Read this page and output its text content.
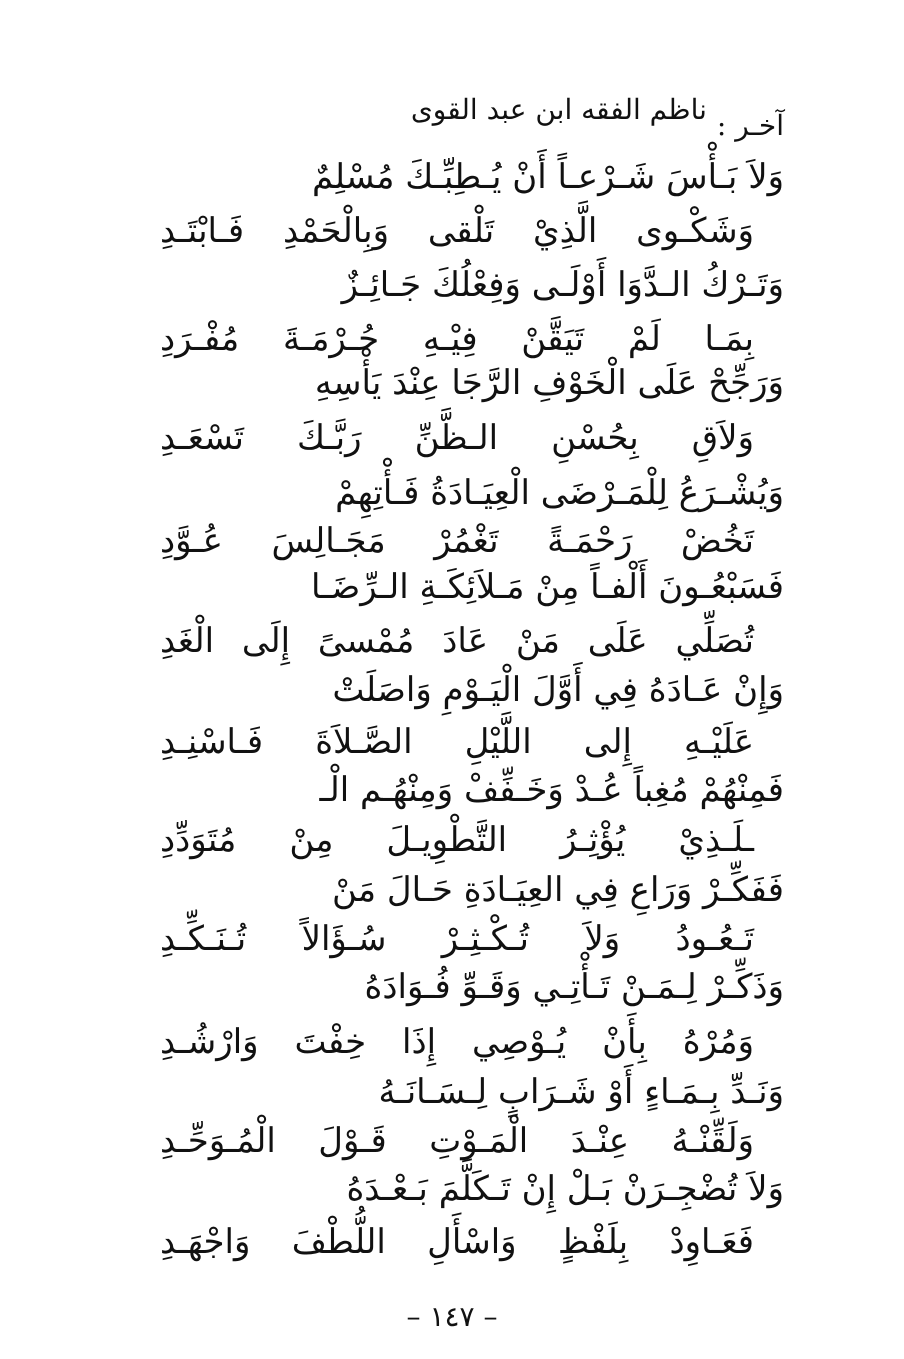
ناظم الفقه ابن عبد القوى آخـر :
وَلاَ بَـأْسَ شَـرْعـاً أَنْ يُـطِبِّـكَ مُسْلِمٌ
وَشَكْـوى الَّذِيْ تَلْقى وَبِالْحَمْدِ فَـابْتَـدِ
وَتَـرْكُ الـدَّوَا أَوْلَـى وَفِعْلُكَ جَـائِـزٌ
بِمَـا لَمْ تَيَقَّنْ فِيْـهِ حُـرْمَـةَ مُفْـرَدِ
وَرَجِّحْ عَلَى الْخَوْفِ الرَّجَا عِنْدَ يَأْسِهِ
وَلاَقِ بِحُسْنِ الـظَّنِّ رَبَّـكَ تَسْعَـدِ
وَيُشْـرَعُ لِلْمَـرْضَى الْعِيَـادَةُ فَـأْتِهِمْ
تَخُضْ رَحْمَـةً تَغْمُرْ مَجَـالِسَ عُـوَّدِ
فَسَبْعُـونَ أَلْفـاً مِنْ مَـلاَئِكَـةِ الـرِّضَـا
تُصَلِّي عَلَى مَنْ عَادَ مُمْسىً إِلَى الْغَدِ
وَإِنْ عَـادَهُ فِي أَوَّلَ الْيَـوْمِ وَاصَلَتْ
عَلَيْـهِ إِلى اللَّيْلِ الصَّـلاَةَ فَـاسْنِـدِ
فَمِنْهُمْ مُغِباً عُـدْ وَخَـفِّفْ وَمِنْهُـم الْـ
ـلَـذِيْ يُؤْثِـرُ التَّطْوِيـلَ مِنْ مُتَوَدِّدِ
فَفَكِّـرْ وَرَاعِ فِي العِيَـادَةِ حَـالَ مَنْ
تَـعُـودُ وَلاَ تُـكْـثِـرْ سُـؤَالاً تُـنَـكِّـدِ
وَذَكِّـرْ لِـمَـنْ تَـأْتِـي وَقَـوِّ فُـوَادَهُ
وَمُرْهُ بِأَنْ يُـوْصِي إِذَا خِفْتَ وَارْشُـدِ
وَنَـدِّ بِـمَـاءٍ أَوْ شَـرَابٍ لِـسَـانَـهُ
وَلَقِّنْـهُ عِنْـدَ الْمَـوْتِ قَـوْلَ الْمُـوَحِّـدِ
وَلاَ تُضْجِـرَنْ بَـلْ إِنْ تَـكَلَّمَ بَـعْـدَهُ
فَعَـاوِدْ بِلَفْظٍ وَاسْأَلِ اللُّطْفَ وَاجْهَـدِ
– ١٤٧ –
